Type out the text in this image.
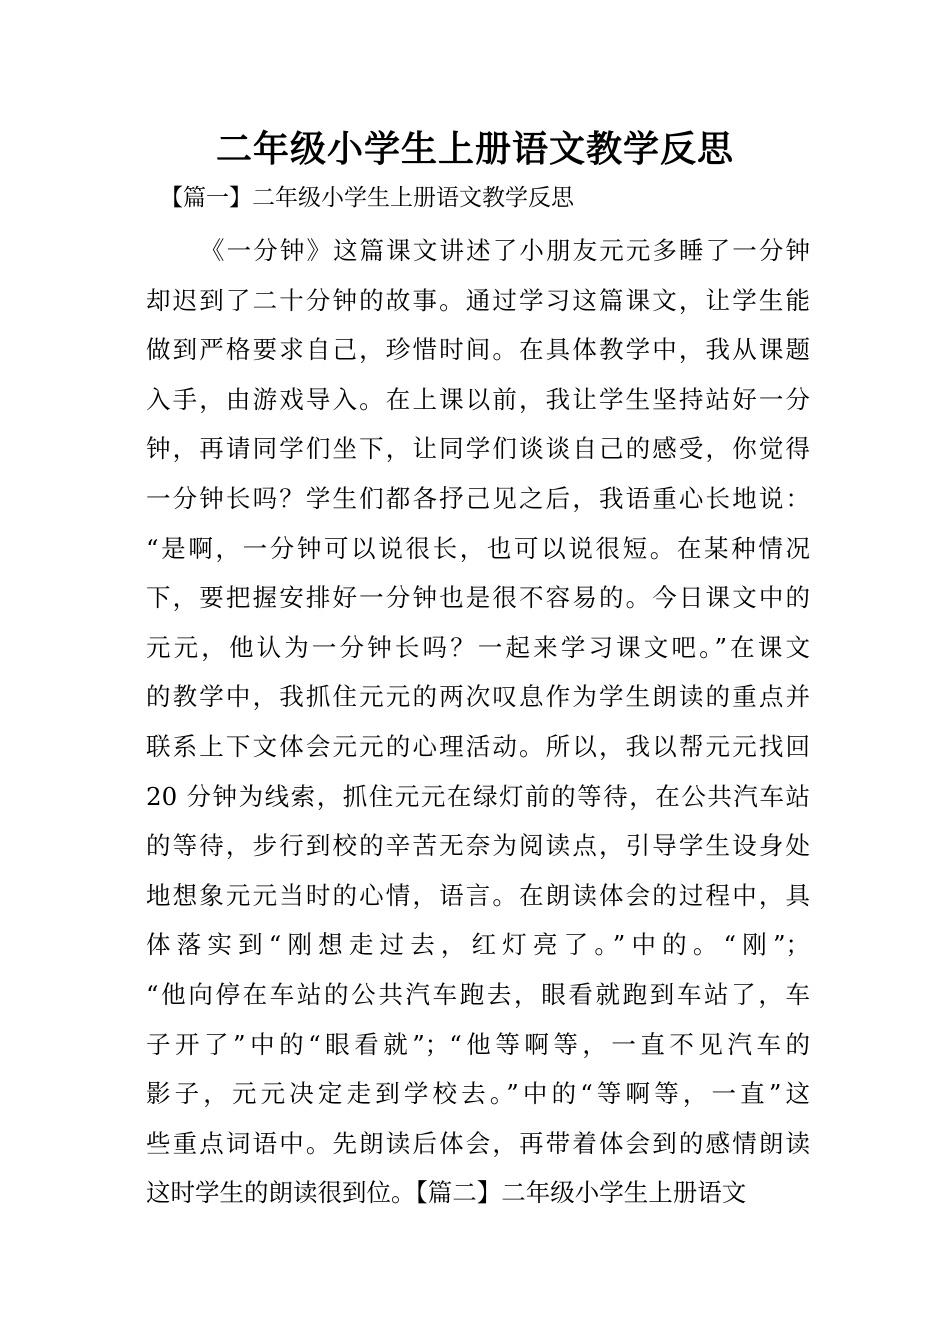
二年级小学生上册语文教学反思
【篇一】二年级小学生上册语文教学反思
《一分钟》这篇课文讲述了小朋友元元多睡了一分钟
却迟到了二十分钟的故事。通过学习这篇课文，让学生能
做到严格要求自己，珍惜时间。在具体教学中，我从课题
入手，由游戏导入。在上课以前，我让学生坚持站好一分
钟，再请同学们坐下，让同学们谈谈自己的感受，你觉得
一分钟长吗？学生们都各抒己见之后，我语重心长地说：
“是啊，一分钟可以说很长，也可以说很短。在某种情况
下，要把握安排好一分钟也是很不容易的。今日课文中的
元元，他认为一分钟长吗？一起来学习课文吧。”在课文
的教学中，我抓住元元的两次叹息作为学生朗读的重点并
联系上下文体会元元的心理活动。所以，我以帮元元找回
20 分钟为线索，抓住元元在绿灯前的等待，在公共汽车站
的等待，步行到校的辛苦无奈为阅读点，引导学生设身处
地想象元元当时的心情，语言。在朗读体会的过程中，具
体落实到“刚想走过去，红灯亮了。”中的。“刚”；
“他向停在车站的公共汽车跑去，眼看就跑到车站了，车
子开了”中的“眼看就”；“他等啊等，一直不见汽车的
影子，元元决定走到学校去。”中的“等啊等，一直”这
些重点词语中。先朗读后体会，再带着体会到的感情朗读
这时学生的朗读很到位。【篇二】二年级小学生上册语文
